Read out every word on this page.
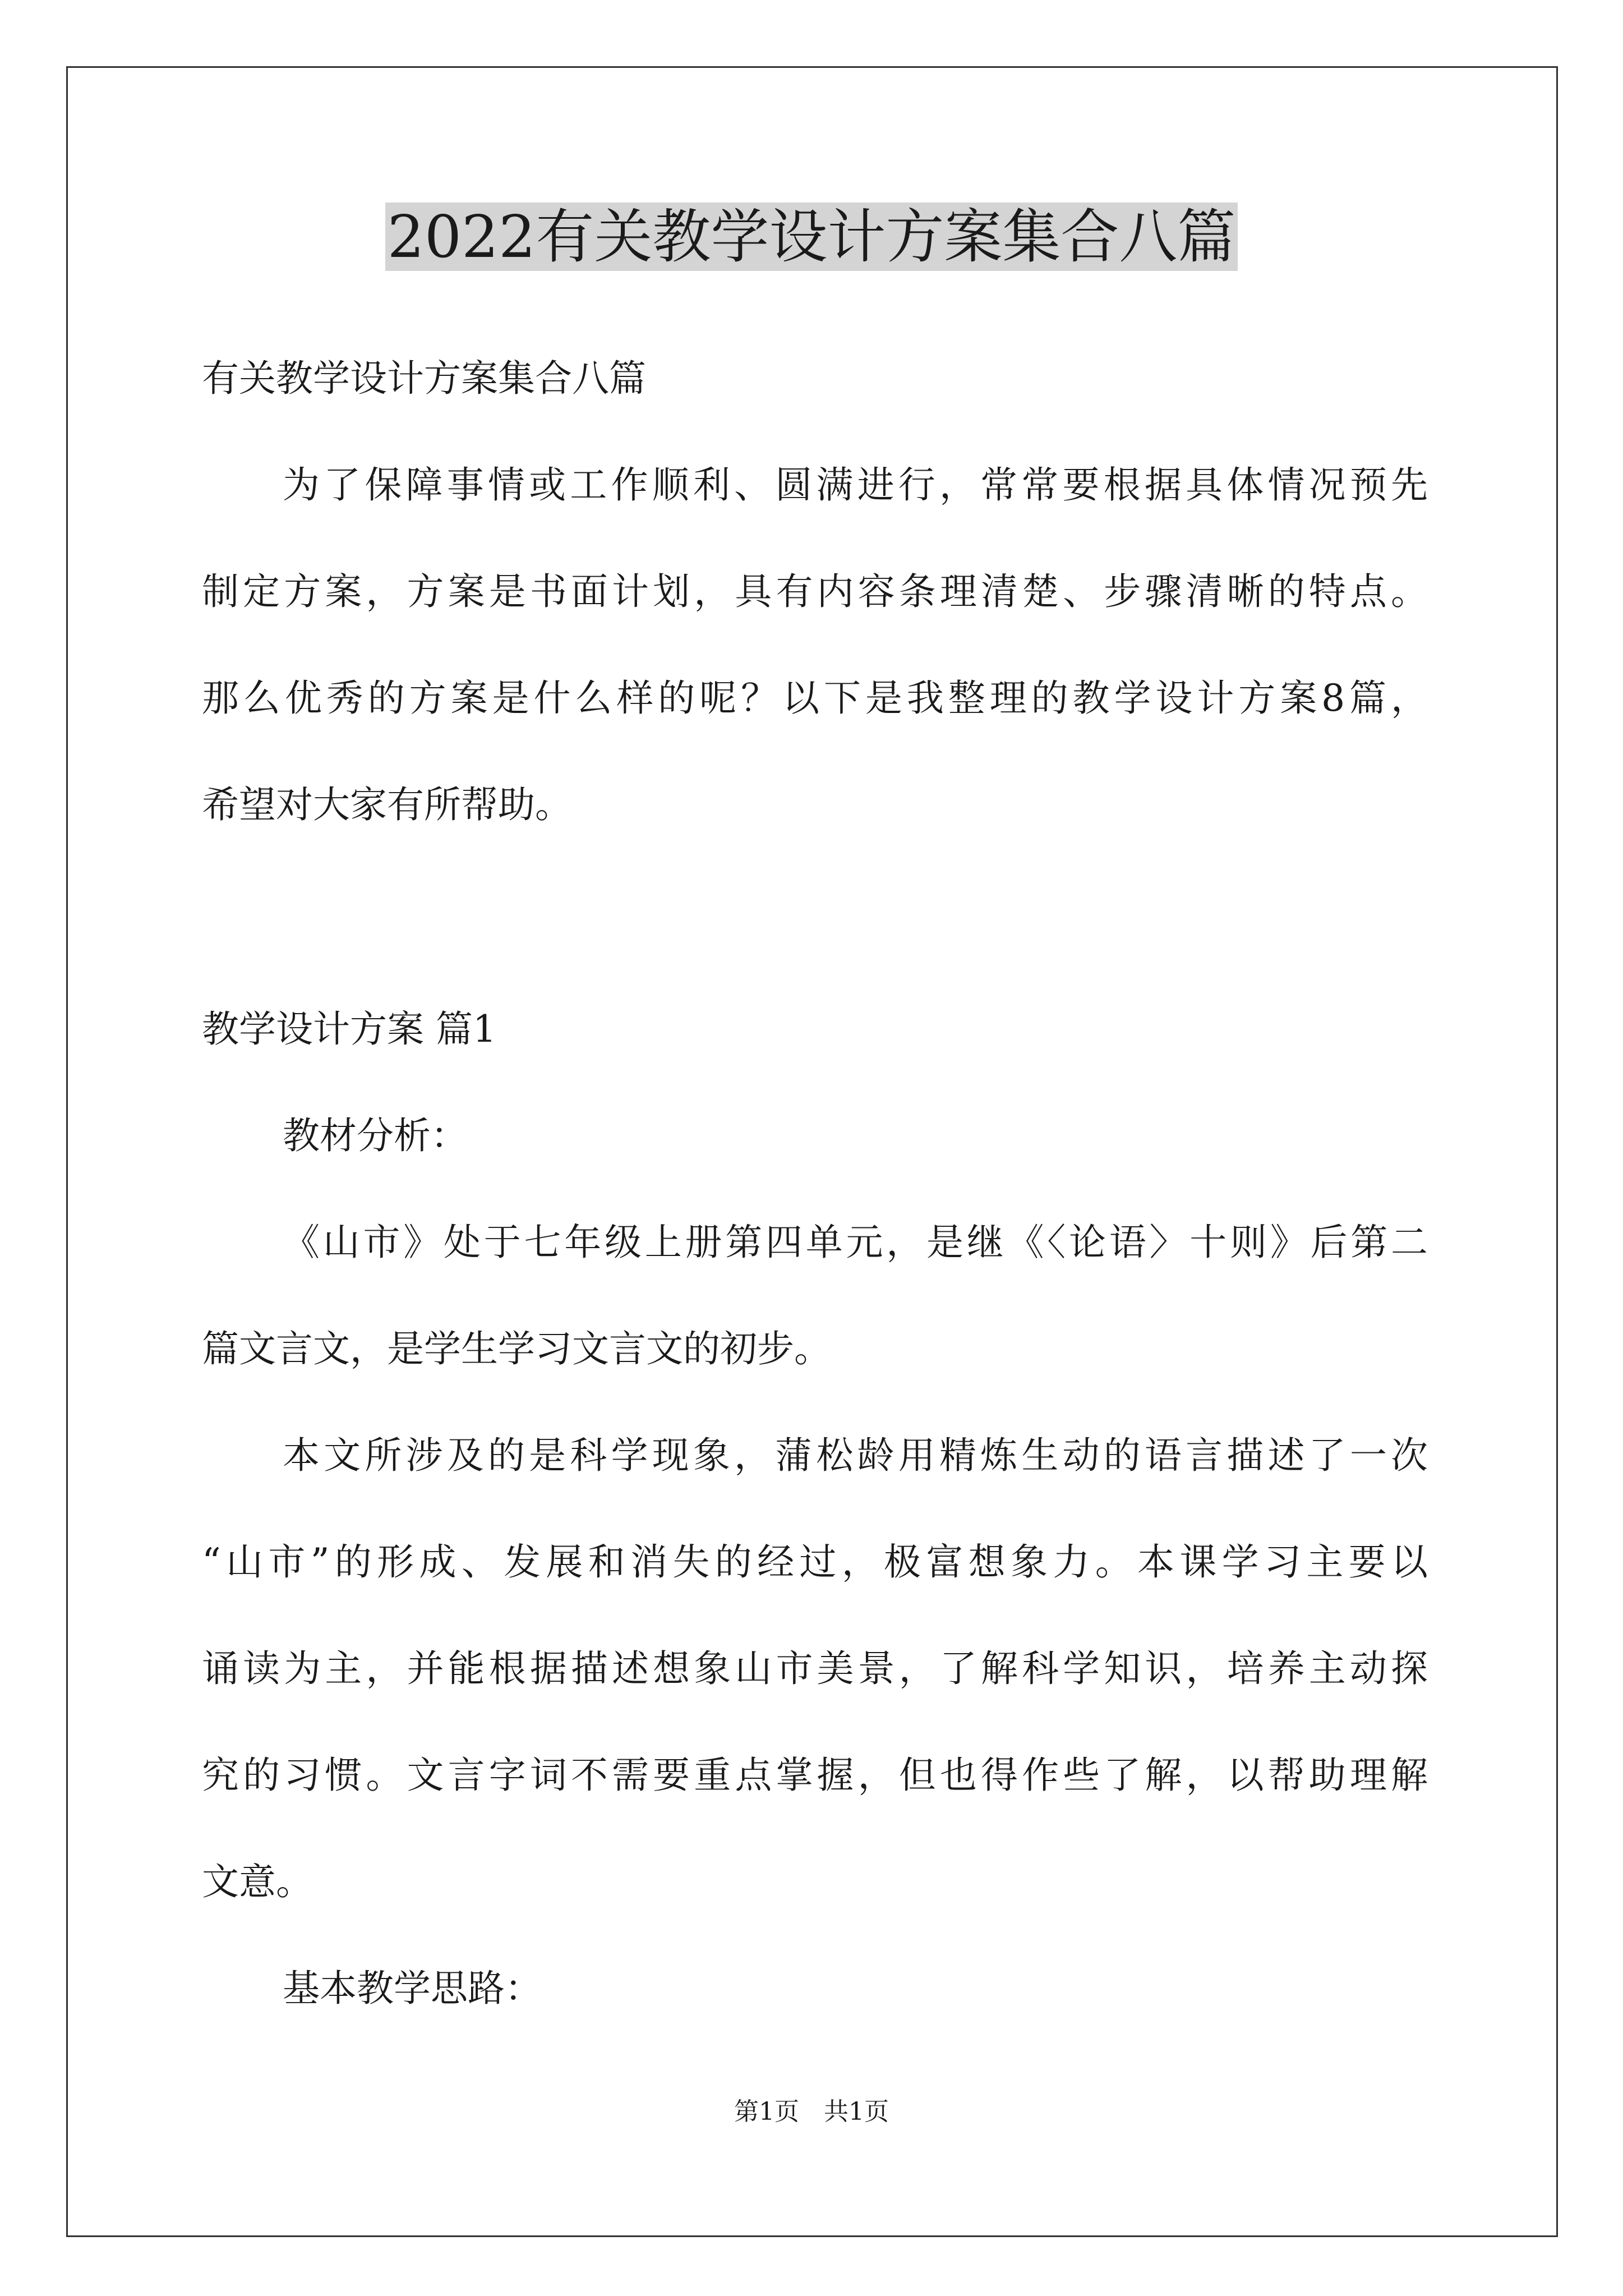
2022有关教学设计方案集合八篇

有关教学设计方案集合八篇

为了保障事情或工作顺利、圆满进行，常常要根据具体情况预先

制定方案，方案是书面计划，具有内容条理清楚、步骤清晰的特点。

那么优秀的方案是什么样的呢？以下是我整理的教学设计方案8篇，

希望对大家有所帮助。

教学设计方案 篇1

教材分析：

《山市》处于七年级上册第四单元，是继《〈论语〉十则》后第二

篇文言文，是学生学习文言文的初步。

本文所涉及的是科学现象，蒲松龄用精炼生动的语言描述了一次

“山市”的形成、发展和消失的经过，极富想象力。本课学习主要以

诵读为主，并能根据描述想象山市美景，了解科学知识，培养主动探

究的习惯。文言字词不需要重点掌握，但也得作些了解，以帮助理解

文意。

基本教学思路：

第1页　共1页
